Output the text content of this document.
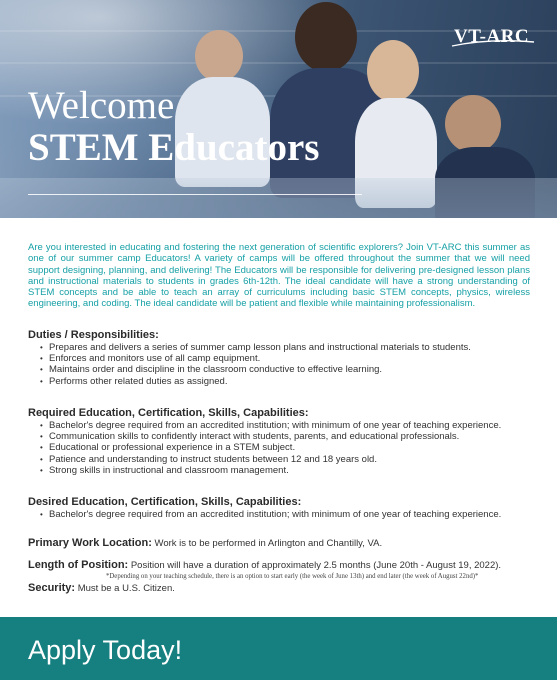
VT-ARC
Welcome
STEM Educators

Are you interested in educating and fostering the next generation of scientific explorers? Join VT-ARC this summer as one of our summer camp Educators! A variety of camps will be offered throughout the summer that we will need support designing, planning, and delivering! The Educators will be responsible for delivering pre-designed lesson plans and instructional materials to students in grades 6th-12th. The ideal candidate will have a strong understanding of STEM concepts and be able to teach an array of curriculums including basic STEM concepts, physics, wireless engineering, and coding. The ideal candidate will be patient and flexible while maintaining professionalism.

Duties / Responsibilities:
• Prepares and delivers a series of summer camp lesson plans and instructional materials to students.
• Enforces and monitors use of all camp equipment.
• Maintains order and discipline in the classroom conductive to effective learning.
• Performs other related duties as assigned.
Required Education, Certification, Skills, Capabilities:
• Bachelor's degree required from an accredited institution; with minimum of one year of teaching experience.
• Communication skills to confidently interact with students, parents, and educational professionals.
• Educational or professional experience in a STEM subject.
• Patience and understanding to instruct students between 12 and 18 years old.
• Strong skills in instructional and classroom management.
Desired Education, Certification, Skills, Capabilities:
• Bachelor's degree required from an accredited institution; with minimum of one year of teaching experience.
Primary Work Location: Work is to be performed in Arlington and Chantilly, VA.
Length of Position: Position will have a duration of approximately 2.5 months (June 20th - August 19, 2022).
*Depending on your teaching schedule, there is an option to start early (the week of June 13th) and end later (the week of August 22nd)*
Security: Must be a U.S. Citizen.
Apply Today!
